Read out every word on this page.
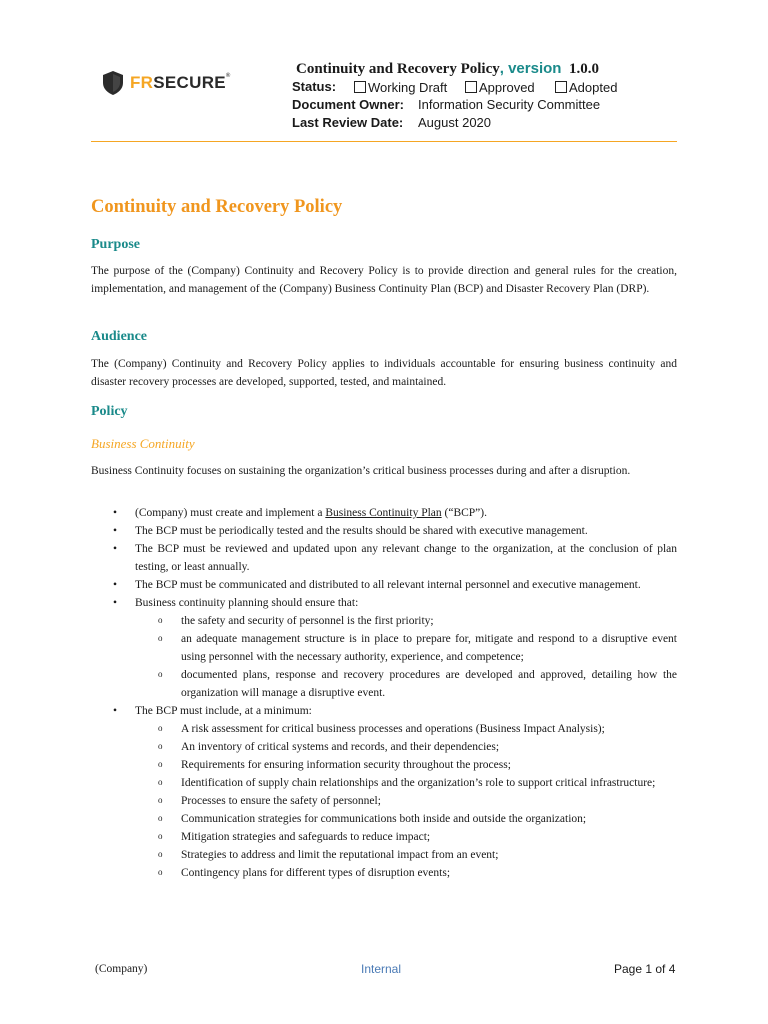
FRSECURE®	Continuity and Recovery Policy, version 1.0.0
Status:	Working Draft	Approved	Adopted
Document Owner: Information Security Committee
Last Review Date: August 2020
Continuity and Recovery Policy
Purpose
The purpose of the (Company) Continuity and Recovery Policy is to provide direction and general rules for the creation, implementation, and management of the (Company) Business Continuity Plan (BCP) and Disaster Recovery Plan (DRP).
Audience
The (Company) Continuity and Recovery Policy applies to individuals accountable for ensuring business continuity and disaster recovery processes are developed, supported, tested, and maintained.
Policy
Business Continuity
Business Continuity focuses on sustaining the organization’s critical business processes during and after a disruption.
• (Company) must create and implement a Business Continuity Plan (“BCP”).
• The BCP must be periodically tested and the results should be shared with executive management.
• The BCP must be reviewed and updated upon any relevant change to the organization, at the conclusion of plan testing, or least annually.
• The BCP must be communicated and distributed to all relevant internal personnel and executive management.
• Business continuity planning should ensure that:
o the safety and security of personnel is the first priority;
o an adequate management structure is in place to prepare for, mitigate and respond to a disruptive event using personnel with the necessary authority, experience, and competence;
o documented plans, response and recovery procedures are developed and approved, detailing how the organization will manage a disruptive event.
• The BCP must include, at a minimum:
o A risk assessment for critical business processes and operations (Business Impact Analysis);
o An inventory of critical systems and records, and their dependencies;
o Requirements for ensuring information security throughout the process;
o Identification of supply chain relationships and the organization’s role to support critical infrastructure;
o Processes to ensure the safety of personnel;
o Communication strategies for communications both inside and outside the organization;
o Mitigation strategies and safeguards to reduce impact;
o Strategies to address and limit the reputational impact from an event;
o Contingency plans for different types of disruption events;
(Company)	Internal	Page 1 of 4
